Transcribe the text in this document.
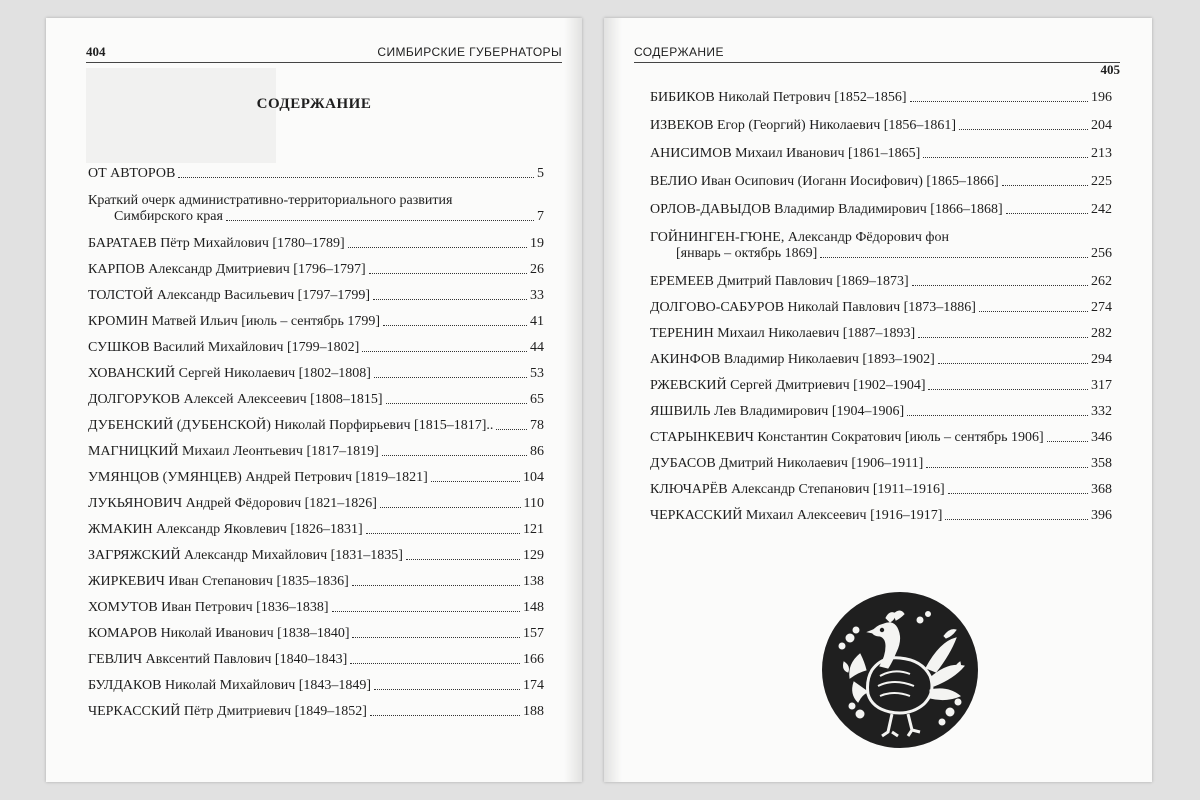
404	СИМБИРСКИЕ ГУБЕРНАТОРЫ
СОДЕРЖАНИЕ
ОТ АВТОРОВ	5
Краткий очерк административно-территориального развития
Симбирского края	7
БАРАТАЕВ Пётр Михайлович [1780–1789]	19
КАРПОВ Александр Дмитриевич [1796–1797]	26
ТОЛСТОЙ Александр Васильевич [1797–1799]	33
КРОМИН Матвей Ильич [июль – сентябрь 1799]	41
СУШКОВ Василий Михайлович [1799–1802]	44
ХОВАНСКИЙ Сергей Николаевич [1802–1808]	53
ДОЛГОРУКОВ Алексей Алексеевич [1808–1815]	65
ДУБЕНСКИЙ (ДУБЕНСКОЙ) Николай Порфирьевич [1815–1817]..	78
МАГНИЦКИЙ Михаил Леонтьевич [1817–1819]	86
УМЯНЦОВ (УМЯНЦЕВ) Андрей Петрович [1819–1821]	104
ЛУКЬЯНОВИЧ Андрей Фёдорович [1821–1826]	110
ЖМАКИН Александр Яковлевич [1826–1831]	121
ЗАГРЯЖСКИЙ Александр Михайлович [1831–1835]	129
ЖИРКЕВИЧ Иван Степанович [1835–1836]	138
ХОМУТОВ Иван Петрович [1836–1838]	148
КОМАРОВ Николай Иванович [1838–1840]	157
ГЕВЛИЧ Авксентий Павлович [1840–1843]	166
БУЛДАКОВ Николай Михайлович [1843–1849]	174
ЧЕРКАССКИЙ Пётр Дмитриевич [1849–1852]	188
СОДЕРЖАНИЕ
405
БИБИКОВ Николай Петрович [1852–1856]	196
ИЗВЕКОВ Егор (Георгий) Николаевич [1856–1861]	204
АНИСИМОВ Михаил Иванович [1861–1865]	213
ВЕЛИО Иван Осипович (Иоганн Иосифович) [1865–1866]	225
ОРЛОВ-ДАВЫДОВ Владимир Владимирович [1866–1868]	242
ГОЙНИНГЕН-ГЮНЕ, Александр Фёдорович фон
[январь – октябрь 1869]	256
ЕРЕМЕЕВ Дмитрий Павлович [1869–1873]	262
ДОЛГОВО-САБУРОВ Николай Павлович [1873–1886]	274
ТЕРЕНИН Михаил Николаевич [1887–1893]	282
АКИНФОВ Владимир Николаевич [1893–1902]	294
РЖЕВСКИЙ Сергей Дмитриевич [1902–1904]	317
ЯШВИЛЬ Лев Владимирович [1904–1906]	332
СТАРЫНКЕВИЧ Константин Сократович [июль – сентябрь 1906]	346
ДУБАСОВ Дмитрий Николаевич [1906–1911]	358
КЛЮЧАРЁВ Александр Степанович [1911–1916]	368
ЧЕРКАССКИЙ Михаил Алексеевич [1916–1917]	396
